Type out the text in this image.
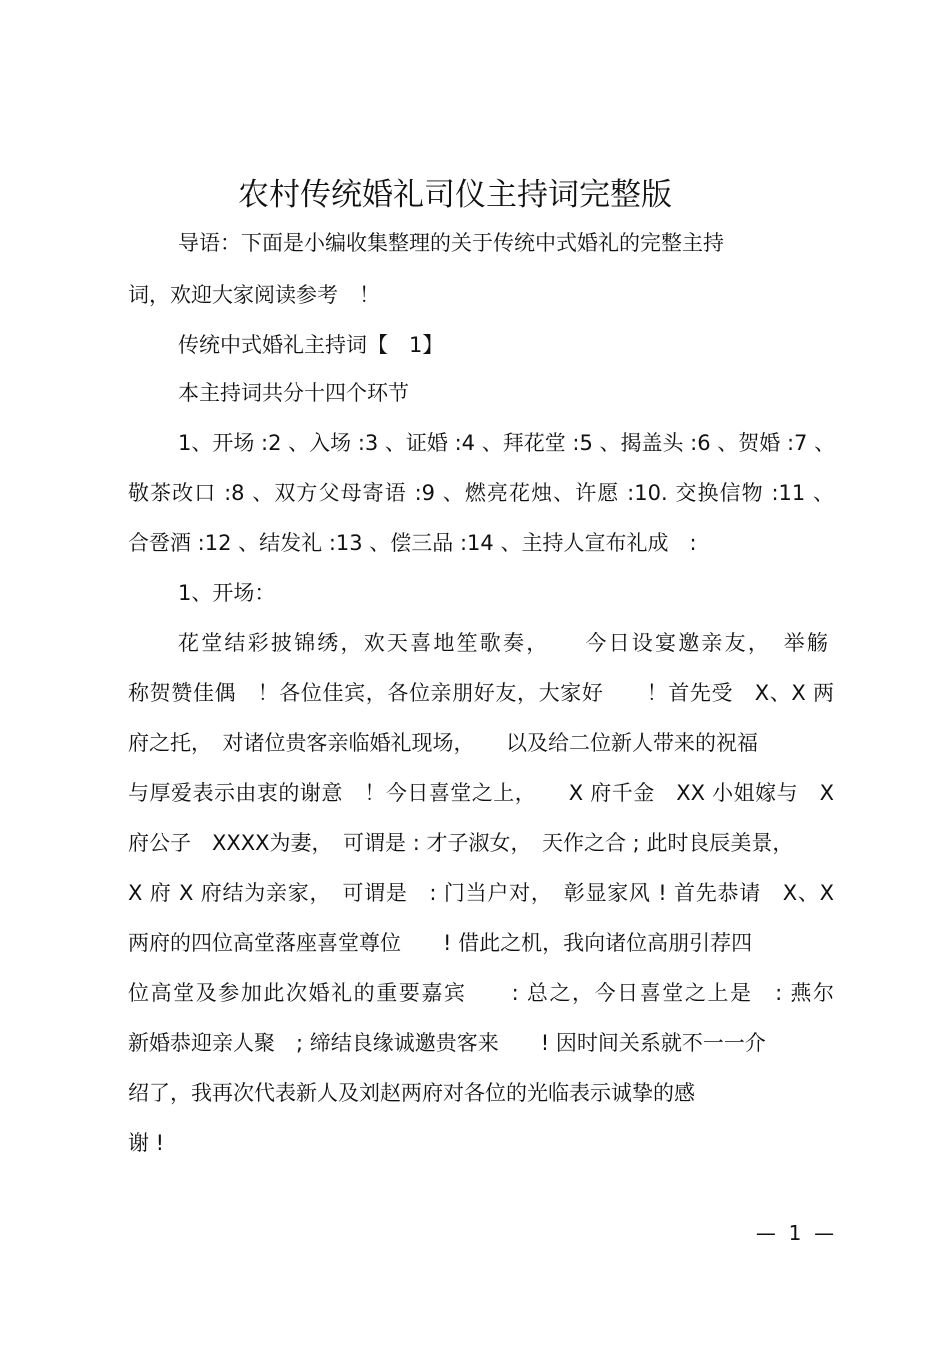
农村传统婚礼司仪主持词完整版

导语：下面是小编收集整理的关于传统中式婚礼的完整主持

词，欢迎大家阅读参考　！

传统中式婚礼主持词【　1】

本主持词共分十四个环节

1、开场 :2 、入场 :3 、证婚 :4 、拜花堂 :5 、揭盖头 :6 、贺婚 :7 、

敬茶改口 :8 、双方父母寄语 :9 、燃亮花烛、许愿 :10. 交换信物 :11 、

合卺酒 :12 、结发礼 :13 、偿三品 :14 、主持人宣布礼成　:

1、开场：

花堂结彩披锦绣，欢天喜地笙歌奏，　　今日设宴邀亲友，　举觞

称贺赞佳偶　！各位佳宾，各位亲朋好友，大家好　　！首先受　X、X 两

府之托，　对诸位贵客亲临婚礼现场，　　以及给二位新人带来的祝福

与厚爱表示由衷的谢意　！今日喜堂之上，　　X 府千金　XX 小姐嫁与　X

府公子　XXXX为妻，　可谓是 : 才子淑女，　天作之合 ; 此时良辰美景，

X 府 X 府结为亲家，　可谓是　: 门当户对，　彰显家风 ! 首先恭请　X、X

两府的四位高堂落座喜堂尊位　　! 借此之机，我向诸位高朋引荐四

位高堂及参加此次婚礼的重要嘉宾　　: 总之，今日喜堂之上是　: 燕尔

新婚恭迎亲人聚　; 缔结良缘诚邀贵客来　　! 因时间关系就不一一介

绍了，我再次代表新人及刘赵两府对各位的光临表示诚挚的感

谢 !

—  1  —
